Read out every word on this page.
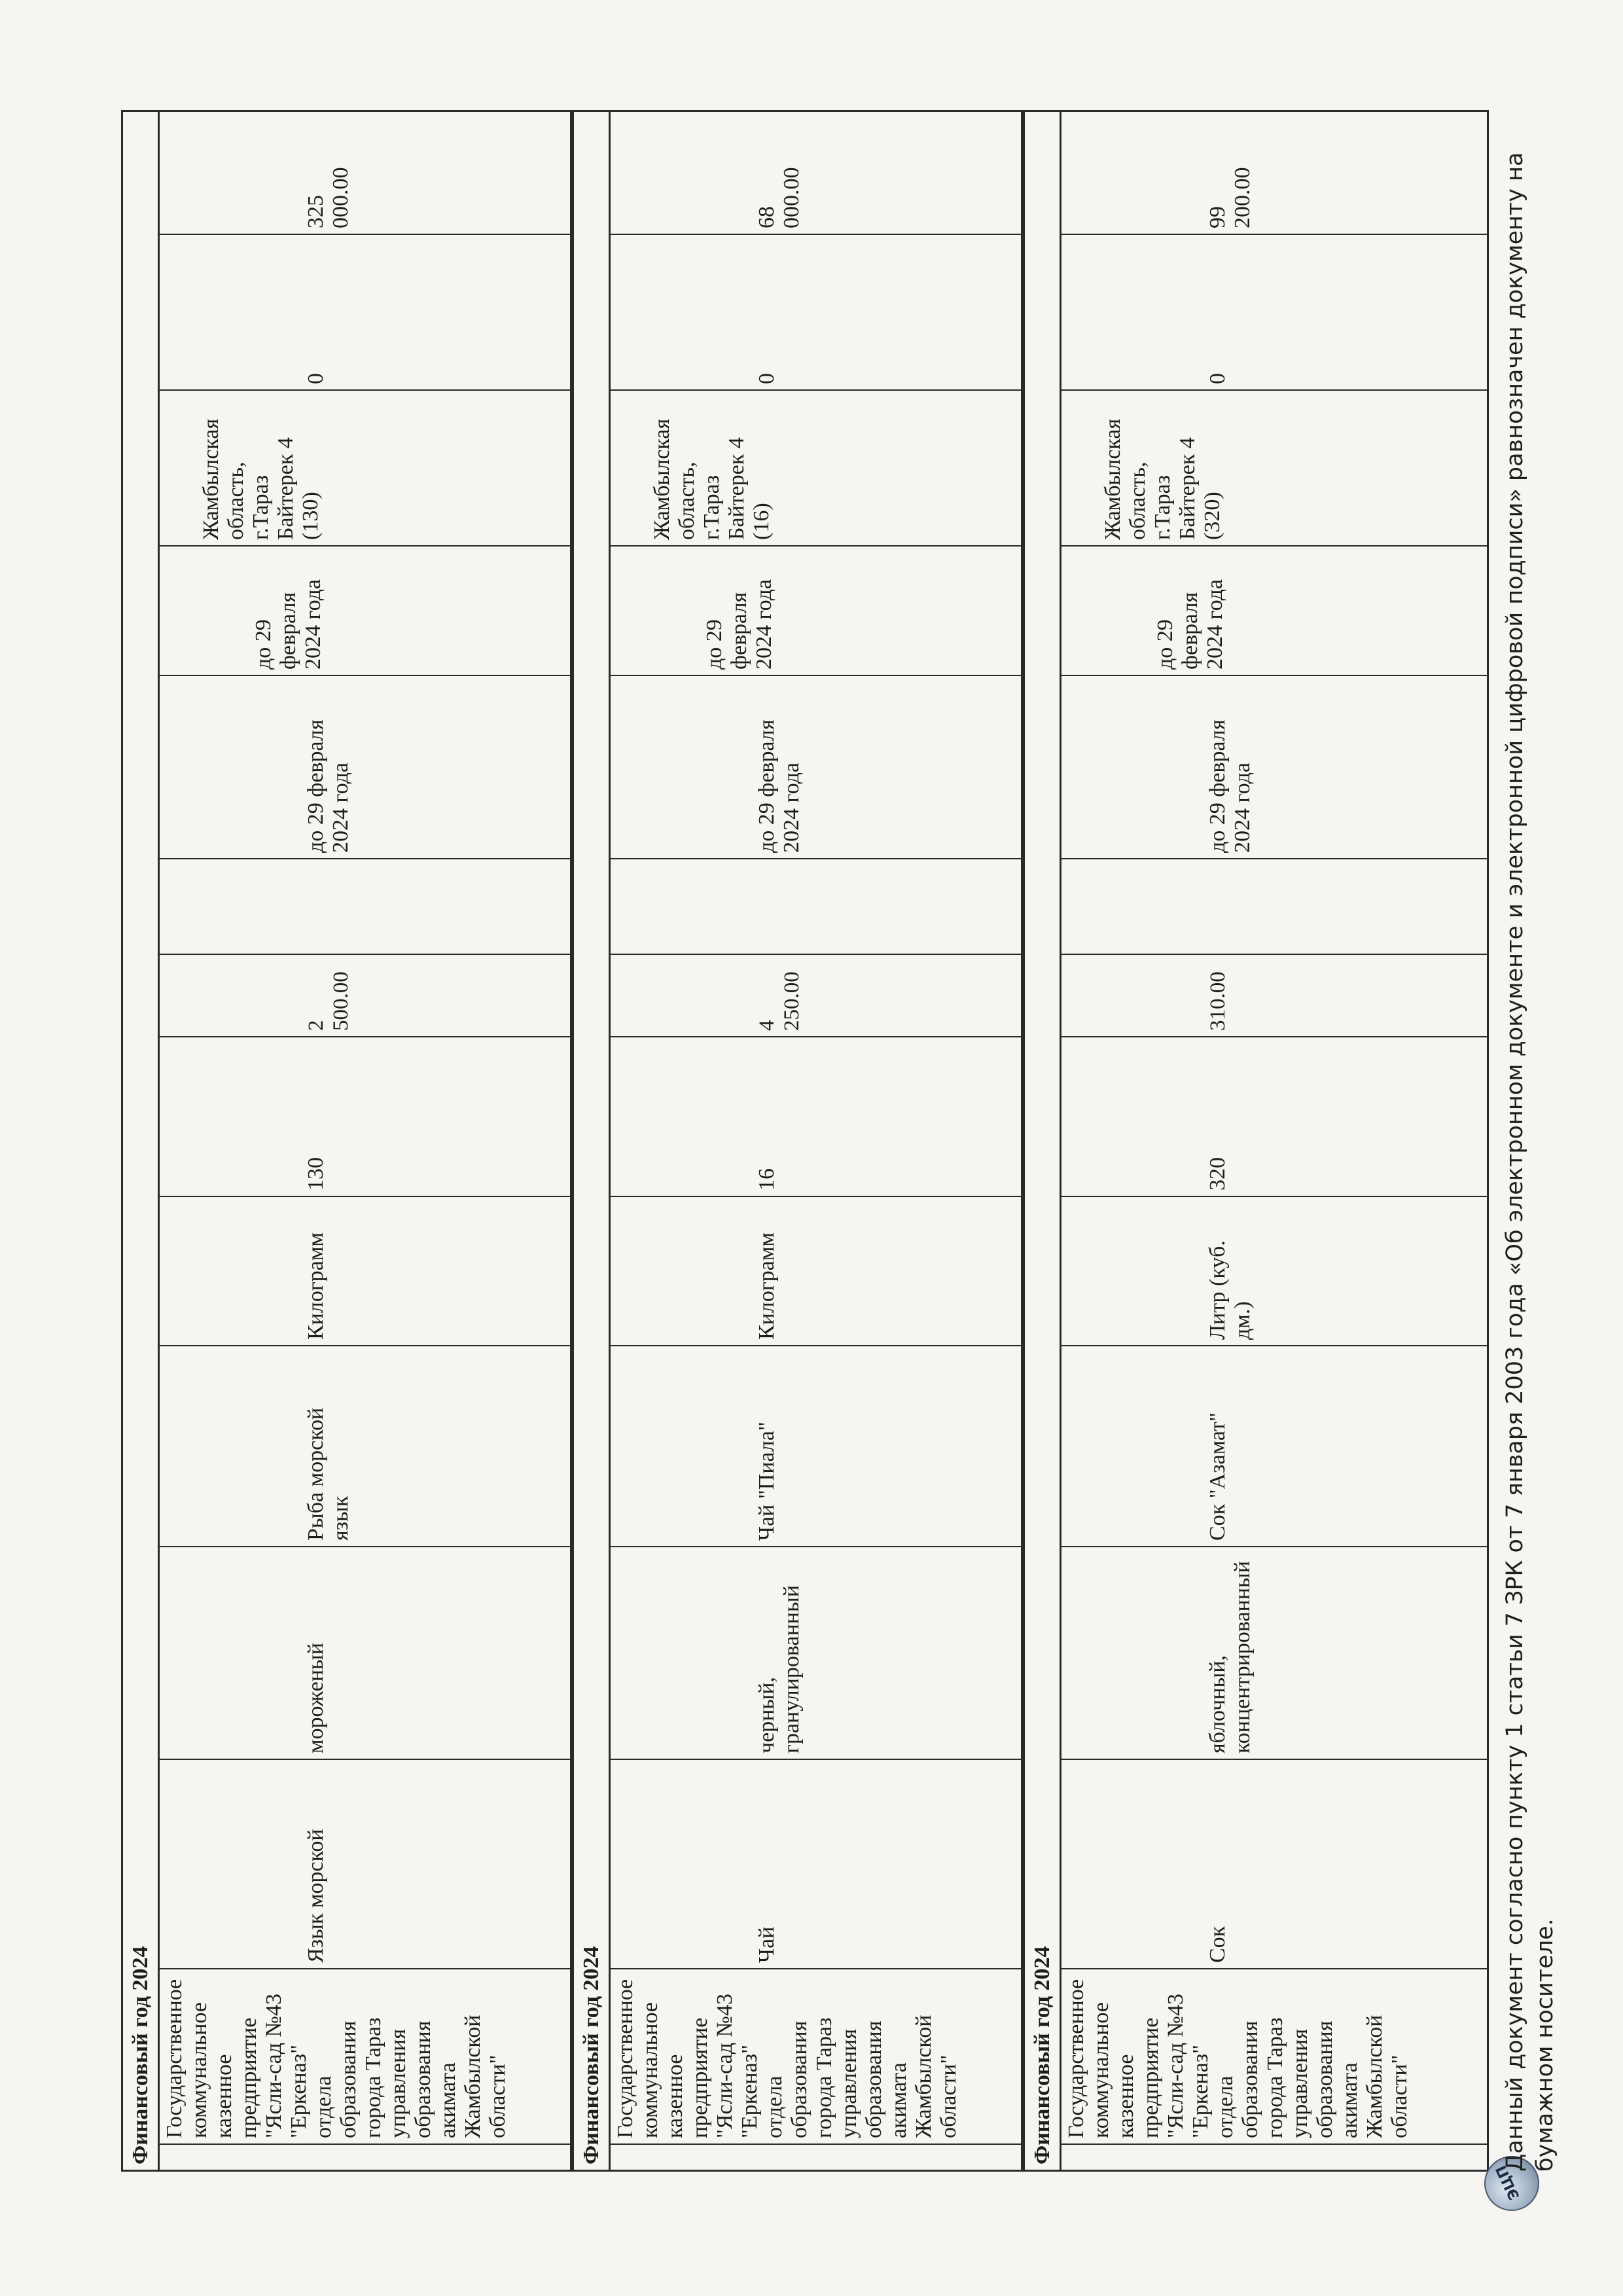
Финансовый год 2024 Государственное
коммунальное
казенное
предприятие
"Ясли-сад №43
"Еркеназ"
отдела
образования
города Тараз
управления
образования
акимата
Жамбылской
области"
Язык морской
мороженый
Рыба морской
язык
Килограмм
130
2
500.00
до 29 февраля
2024 года
до 29
февраля
2024 года
Жамбылская
область,
г.Тараз
Байтерек 4
(130)
0
325
000.00
Финансовый год 2024 Государственное
коммунальное
казенное
предприятие
"Ясли-сад №43
"Еркеназ"
отдела
образования
города Тараз
управления
образования
акимата
Жамбылской
области"
Чай
черный,
гранулированный
Чай "Пиала"
Килограмм
16
4
250.00
до 29 февраля
2024 года
до 29
февраля
2024 года
Жамбылская
область,
г.Тараз
Байтерек 4
(16)
0
68
000.00
Финансовый год 2024 Государственное
коммунальное
казенное
предприятие
"Ясли-сад №43
"Еркеназ"
отдела
образования
города Тараз
управления
образования
акимата
Жамбылской
области"
Сок
яблочный,
концентрированный
Сок "Азамат"
Литр (куб.
дм.)
320
310.00
до 29 февраля
2024 года
до 29
февраля
2024 года
Жамбылская
область,
г.Тараз
Байтерек 4
(320)
0
99
200.00
ЭЦП
Данный документ согласно пункту 1 статьи 7 ЗРК от 7 января 2003 года «Об электронном документе и электронной цифровой подписи» равнозначен документу на бумажном носителе.
